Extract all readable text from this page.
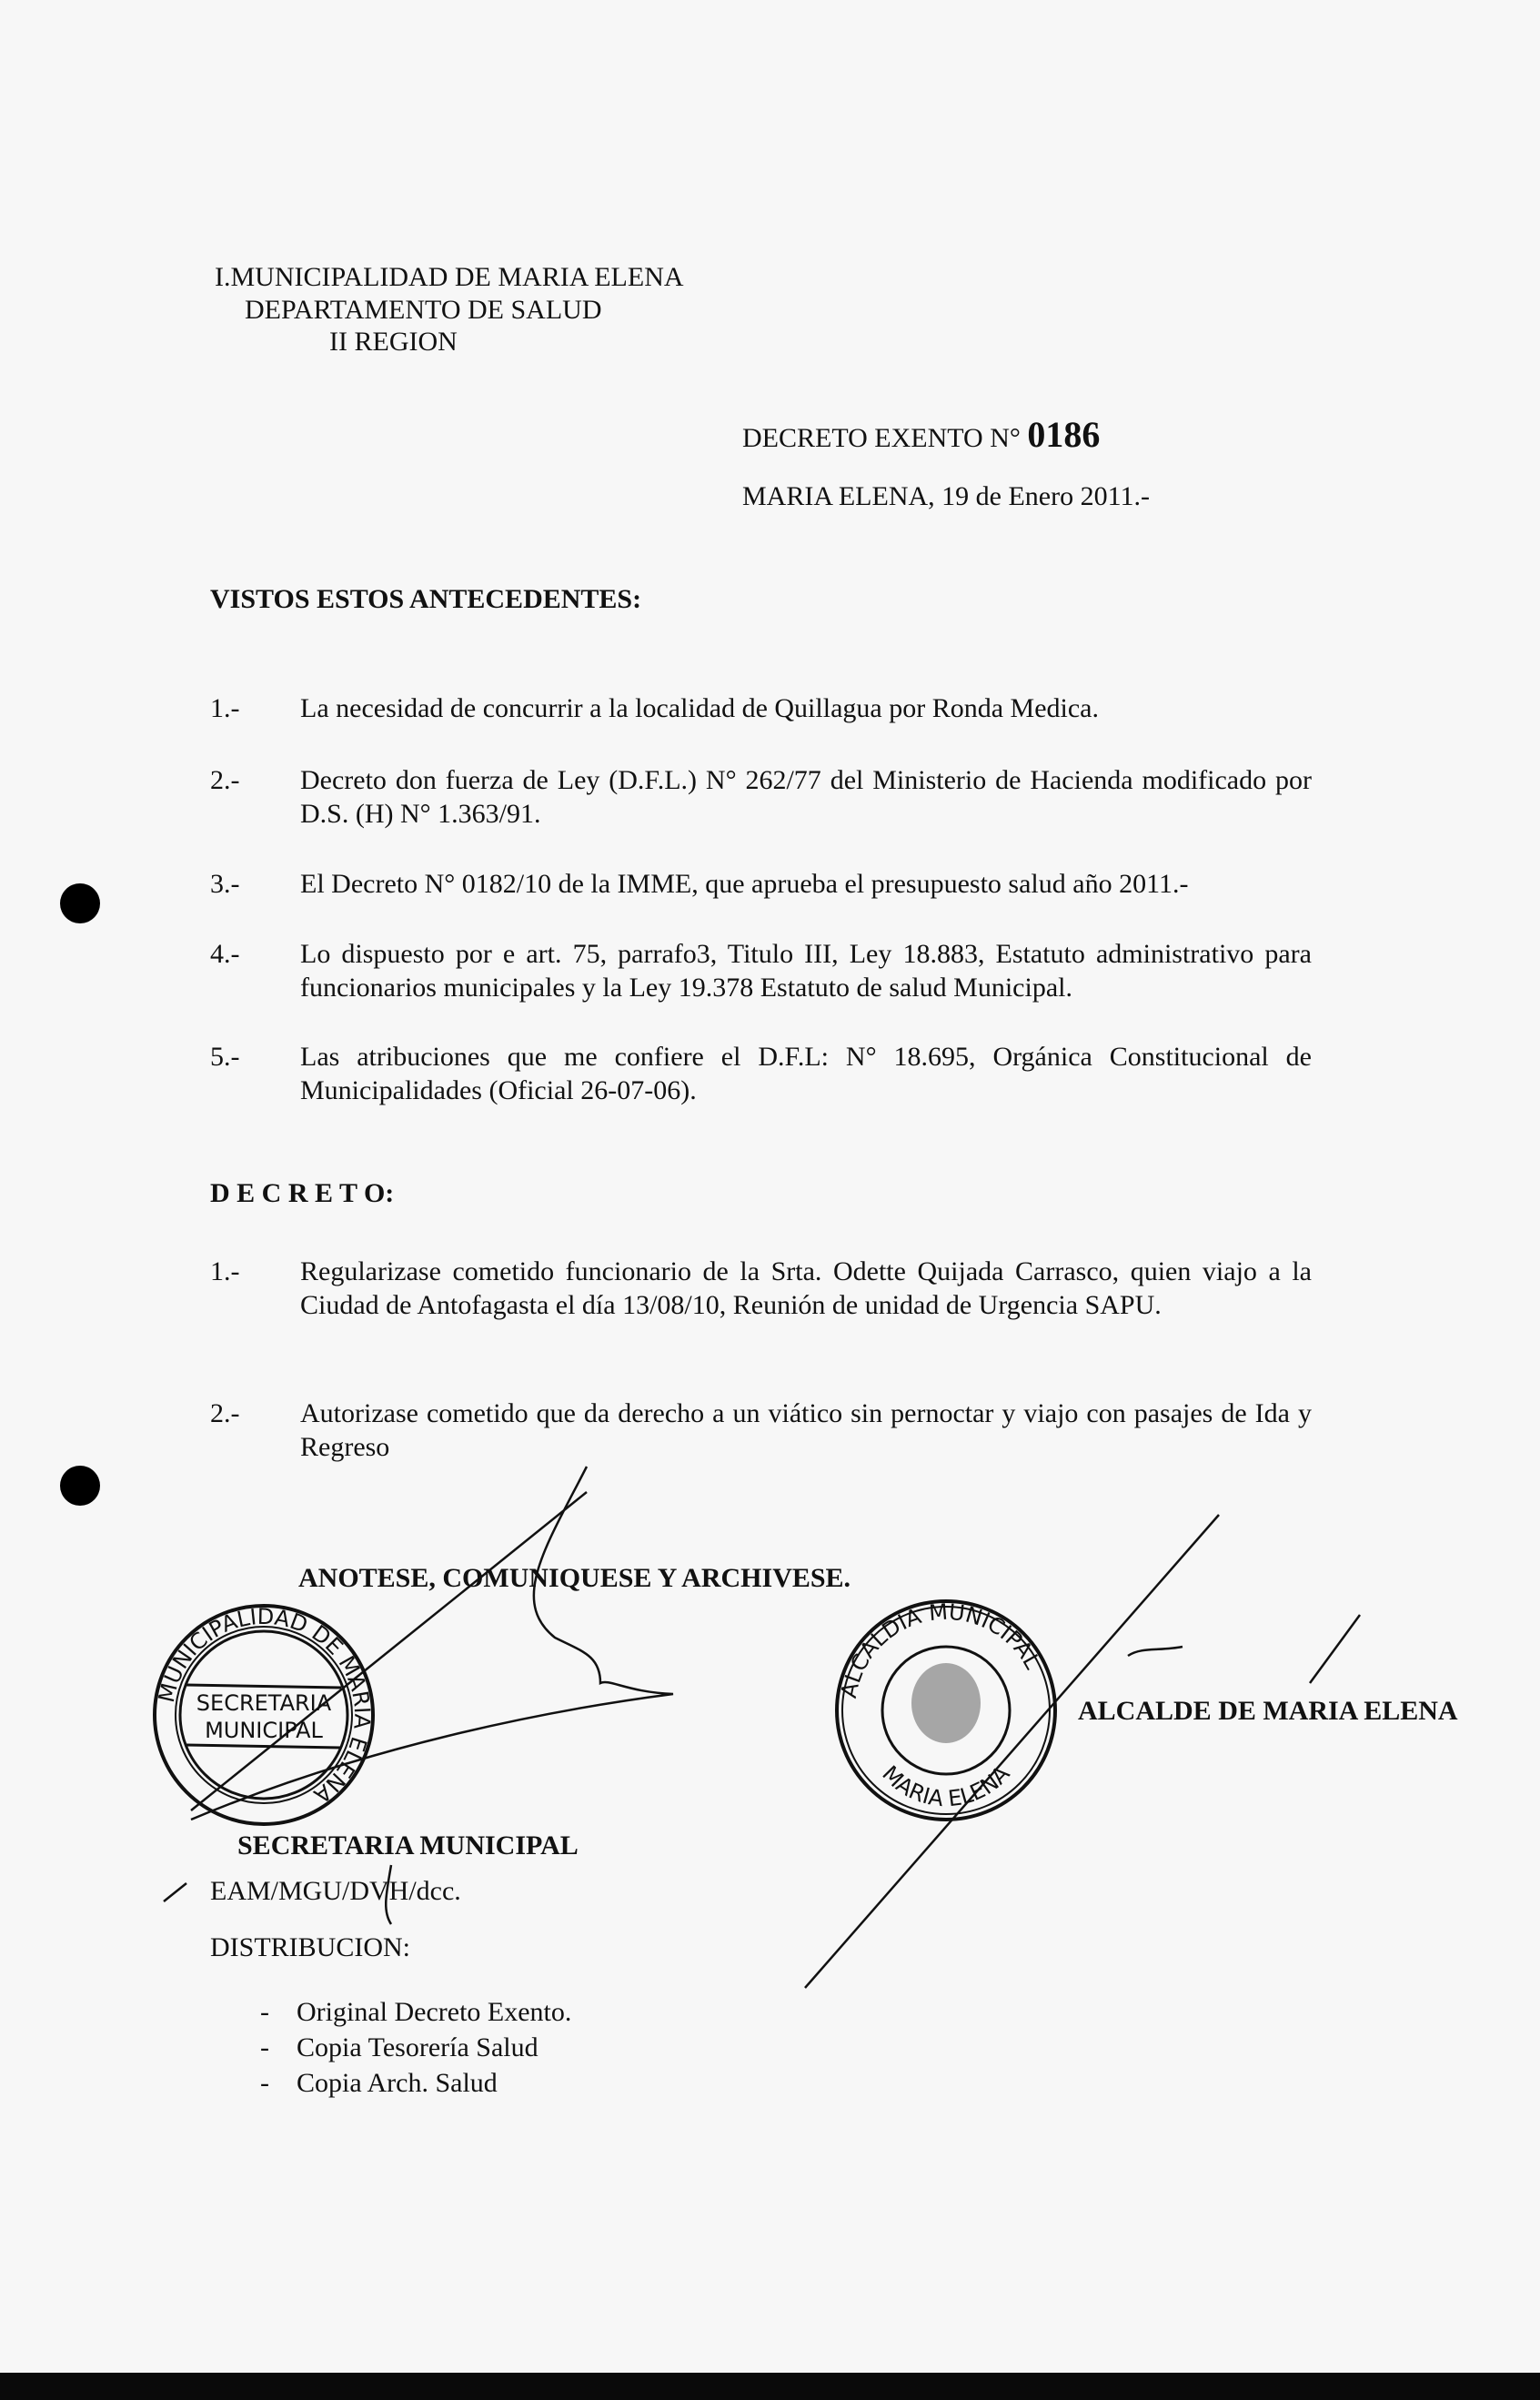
I.MUNICIPALIDAD DE MARIA ELENA
DEPARTAMENTO DE SALUD
II REGION
DECRETO EXENTO N° 0186
MARIA ELENA, 19 de Enero 2011.-
VISTOS ESTOS ANTECEDENTES:
1.- La necesidad de concurrir a la localidad de Quillagua por Ronda Medica.
2.- Decreto don fuerza de Ley (D.F.L.) N° 262/77 del Ministerio de Hacienda modificado por D.S. (H) N° 1.363/91.
3.- El Decreto N° 0182/10 de la IMME, que aprueba el presupuesto salud año 2011.-
4.- Lo dispuesto por e art. 75, parrafo3, Titulo III, Ley 18.883, Estatuto administrativo para funcionarios municipales y la Ley 19.378 Estatuto de salud Municipal.
5.- Las atribuciones que me confiere el D.F.L: N° 18.695, Orgánica Constitucional de Municipalidades (Oficial 26-07-06).
D E C R E T O:
1.- Regularizase cometido funcionario de la Srta. Odette Quijada Carrasco, quien viajo a la Ciudad de Antofagasta el día 13/08/10, Reunión de unidad de Urgencia SAPU.
2.- Autorizase cometido que da derecho a un viático sin pernoctar y viajo con pasajes de Ida y Regreso
ANOTESE, COMUNIQUESE Y ARCHIVESE.
ALCALDE DE MARIA ELENA
SECRETARIA MUNICIPAL
EAM/MGU/DVH/dcc.
DISTRIBUCION:
-    Original Decreto Exento.
-    Copia Tesorería Salud
-    Copia Arch. Salud
MUNICIPALIDAD DE MARIA ELENA
SECRETARIA
MUNICIPAL
ALCALDIA MUNICIPAL
MARIA ELENA
